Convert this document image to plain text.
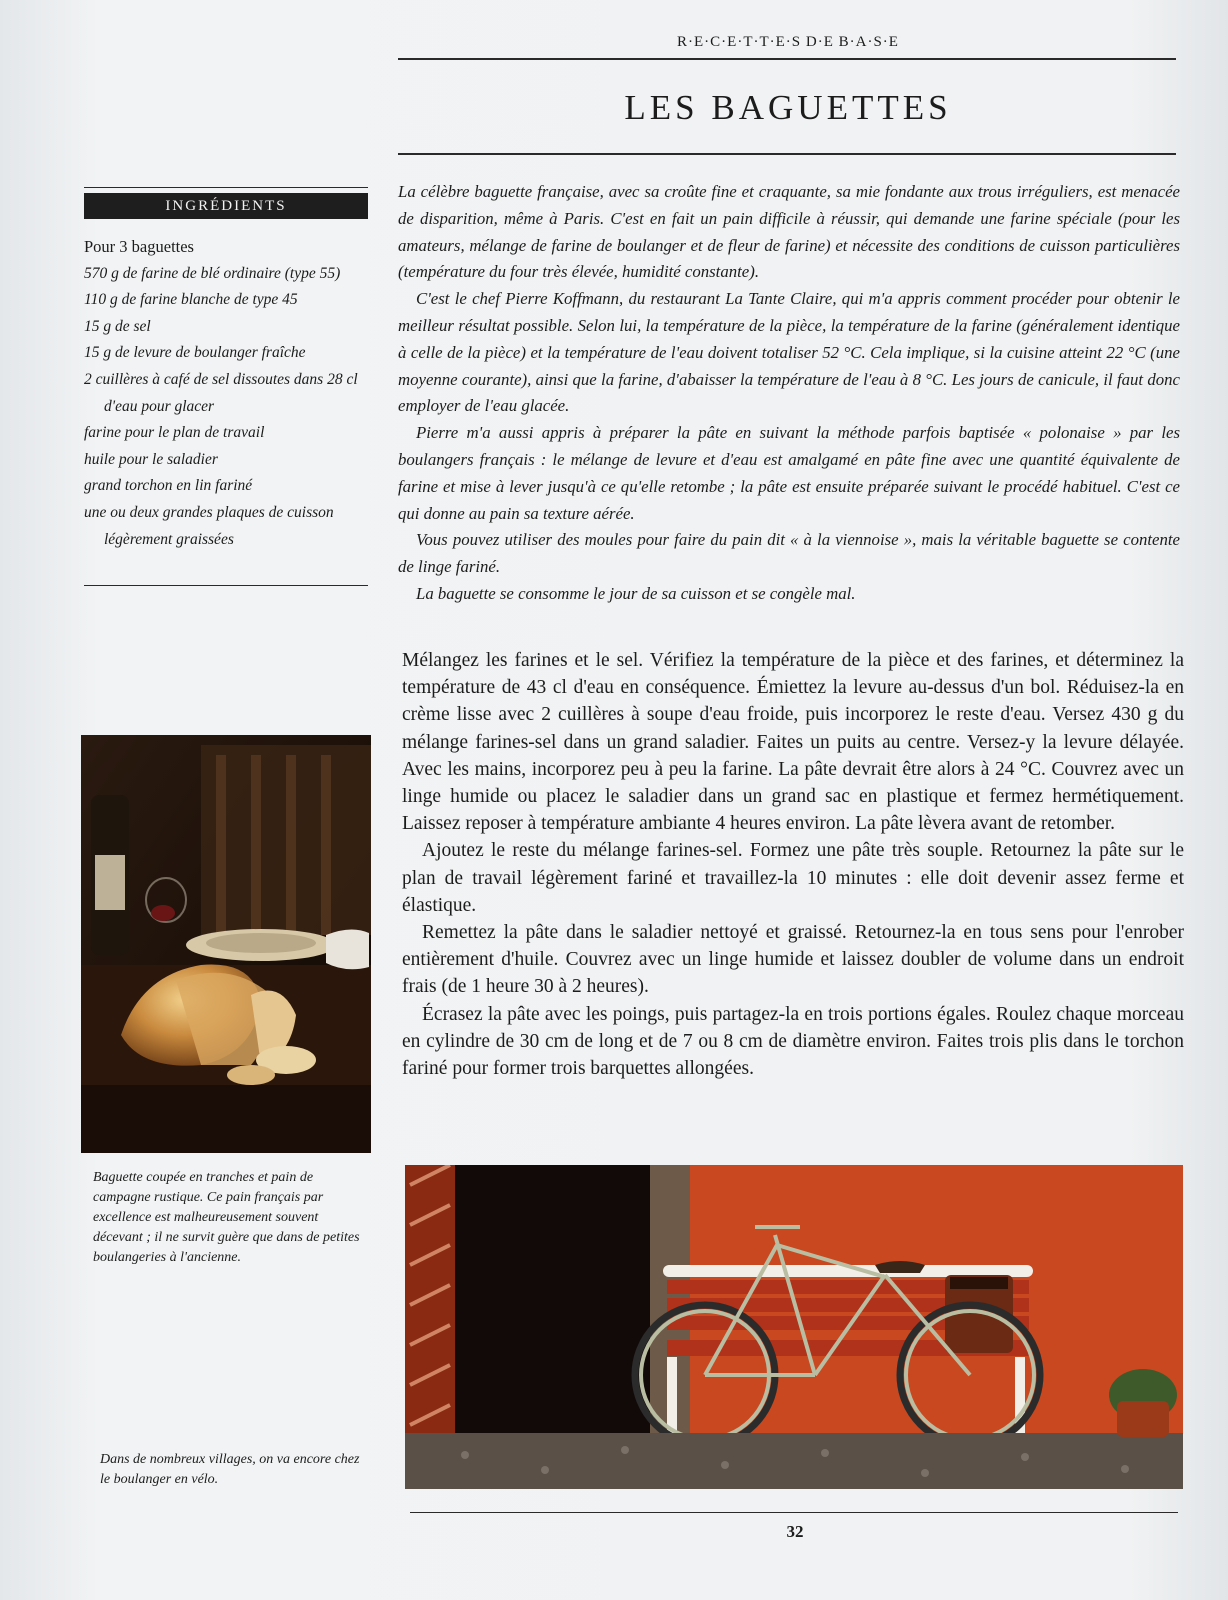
R·E·C·E·T·T·E·S D·E B·A·S·E
LES BAGUETTES
INGRÉDIENTS
Pour 3 baguettes
570 g de farine de blé ordinaire (type 55)
110 g de farine blanche de type 45
15 g de sel
15 g de levure de boulanger fraîche
2 cuillères à café de sel dissoutes dans 28 cl d'eau pour glacer
farine pour le plan de travail
huile pour le saladier
grand torchon en lin fariné
une ou deux grandes plaques de cuisson légèrement graissées

La célèbre baguette française, avec sa croûte fine et craquante, sa mie fondante aux trous irréguliers, est menacée de disparition, même à Paris. C'est en fait un pain difficile à réussir, qui demande une farine spéciale (pour les amateurs, mélange de farine de boulanger et de fleur de farine) et nécessite des conditions de cuisson particulières (température du four très élevée, humidité constante).

C'est le chef Pierre Koffmann, du restaurant La Tante Claire, qui m'a appris comment procéder pour obtenir le meilleur résultat possible. Selon lui, la température de la pièce, la température de la farine (généralement identique à celle de la pièce) et la température de l'eau doivent totaliser 52 °C. Cela implique, si la cuisine atteint 22 °C (une moyenne courante), ainsi que la farine, d'abaisser la température de l'eau à 8 °C. Les jours de canicule, il faut donc employer de l'eau glacée.

Pierre m'a aussi appris à préparer la pâte en suivant la méthode parfois baptisée « polonaise » par les boulangers français : le mélange de levure et d'eau est amalgamé en pâte fine avec une quantité équivalente de farine et mise à lever jusqu'à ce qu'elle retombe ; la pâte est ensuite préparée suivant le procédé habituel. C'est ce qui donne au pain sa texture aérée.

Vous pouvez utiliser des moules pour faire du pain dit « à la viennoise », mais la véritable baguette se contente de linge fariné.

La baguette se consomme le jour de sa cuisson et se congèle mal.

Mélangez les farines et le sel. Vérifiez la température de la pièce et des farines, et déterminez la température de 43 cl d'eau en conséquence. Émiettez la levure au-dessus d'un bol. Réduisez-la en crème lisse avec 2 cuillères à soupe d'eau froide, puis incorporez le reste d'eau. Versez 430 g du mélange farines-sel dans un grand saladier. Faites un puits au centre. Versez-y la levure délayée. Avec les mains, incorporez peu à peu la farine. La pâte devrait être alors à 24 °C. Couvrez avec un linge humide ou placez le saladier dans un grand sac en plastique et fermez hermétiquement. Laissez reposer à température ambiante 4 heures environ. La pâte lèvera avant de retomber.

Ajoutez le reste du mélange farines-sel. Formez une pâte très souple. Retournez la pâte sur le plan de travail légèrement fariné et travaillez-la 10 minutes : elle doit devenir assez ferme et élastique.

Remettez la pâte dans le saladier nettoyé et graissé. Retournez-la en tous sens pour l'enrober entièrement d'huile. Couvrez avec un linge humide et laissez doubler de volume dans un endroit frais (de 1 heure 30 à 2 heures).

Écrasez la pâte avec les poings, puis partagez-la en trois portions égales. Roulez chaque morceau en cylindre de 30 cm de long et de 7 ou 8 cm de diamètre environ. Faites trois plis dans le torchon fariné pour former trois barquettes allongées.

Baguette coupée en tranches et pain de campagne rustique. Ce pain français par excellence est malheureusement souvent décevant ; il ne survit guère que dans de petites boulangeries à l'ancienne.
Dans de nombreux villages, on va encore chez le boulanger en vélo.
32
